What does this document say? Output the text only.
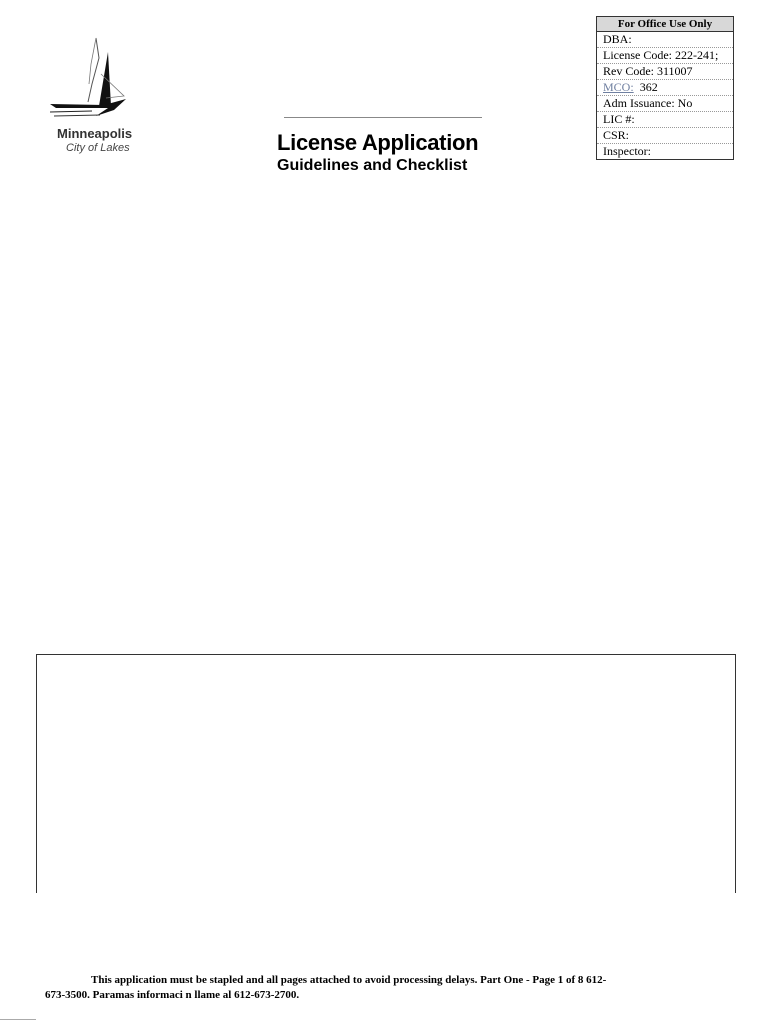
Minneapolis
City of Lakes	License Application
Guidelines and Checklist
For Office Use Only
DBA:
License Code: 222-241;
Rev Code: 311007
MCO: 362
Adm Issuance: No
LIC #:
CSR:
Inspector:
This application must be stapled and all pages attached to avoid processing delays. Part One - Page 1 of 8 612-
673-3500. Paramas informaci n llame al 612-673-2700.
